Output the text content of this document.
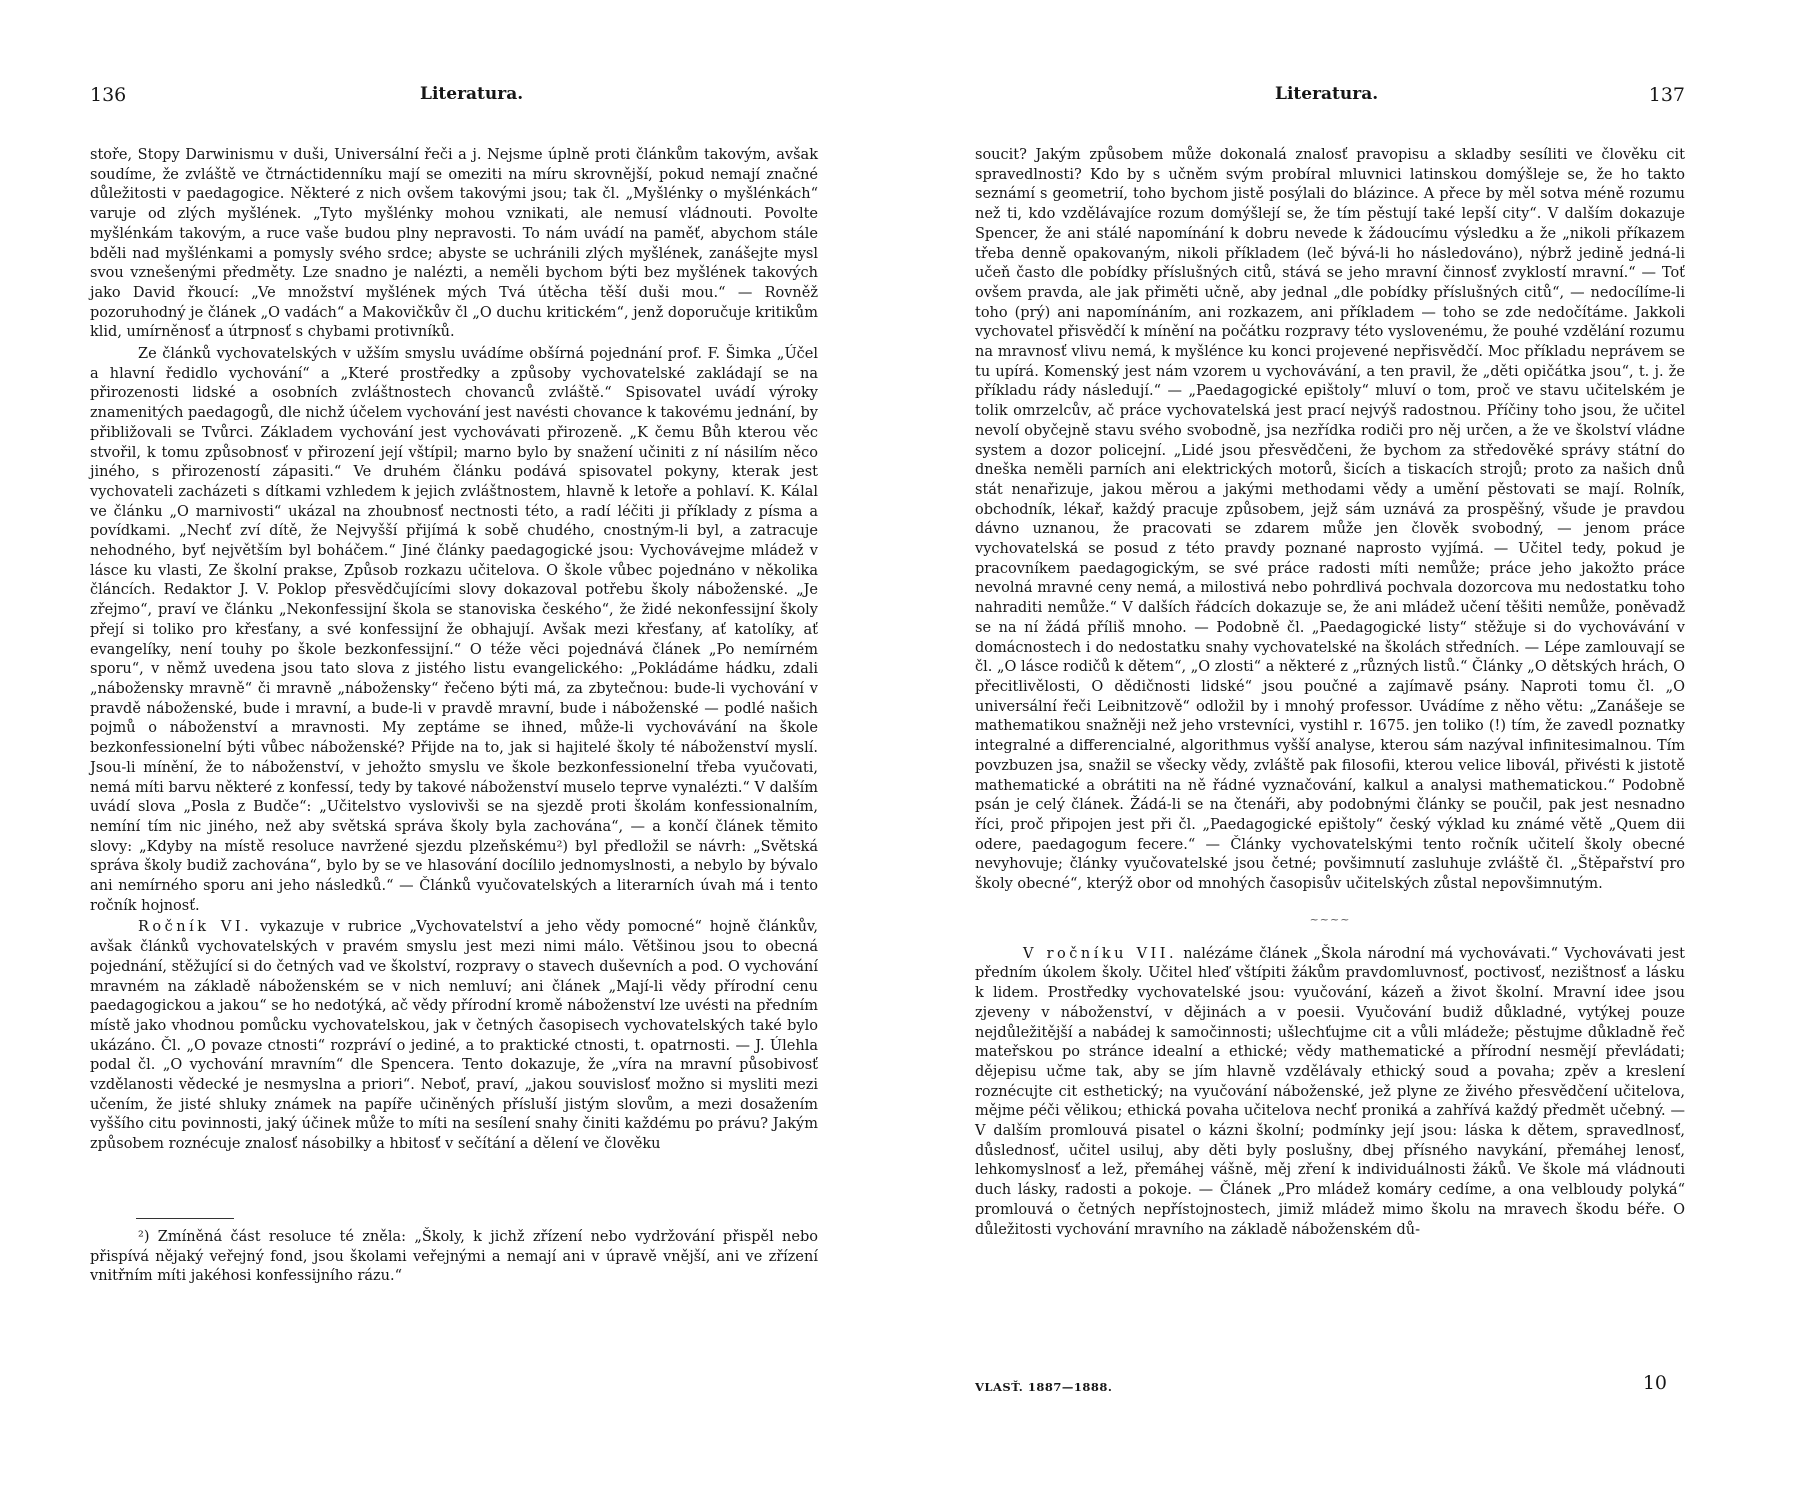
136	Literatura.

stoře, Stopy Darwinismu v duši, Universální řeči a j. Nejsme úplně proti článkům takovým, avšak soudíme, že zvláště ve čtrnáctidenníku mají se omeziti na míru skrovnější, pokud nemají značné důležitosti v paedagogice. Některé z nich ovšem takovými jsou; tak čl. „Myšlénky o myšlénkách“ varuje od zlých myšlének. „Tyto myšlénky mohou vznikati, ale nemusí vládnouti. Povolte myšlénkám takovým, a ruce vaše budou plny nepravosti. To nám uvádí na paměť, abychom stále bděli nad myšlénkami a pomysly svého srdce; abyste se uchránili zlých myšlének, zanášejte mysl svou vznešenými předměty. Lze snadno je nalézti, a neměli bychom býti bez myšlének takových jako David řkoucí: „Ve množství myšlének mých Tvá útěcha těší duši mou.“ — Rovněž pozoruhodný je článek „O vadách“ a Makovičkův čl „O duchu kritickém“, jenž doporučuje kritikům klid, umírněnosť a útrpnosť s chybami protivníků.

Ze článků vychovatelských v užším smyslu uvádíme obšírná pojednání prof. F. Šimka „Účel a hlavní ředidlo vychování“ a „Které prostředky a způsoby vychovatelské zakládají se na přirozenosti lidské a osobních zvláštnostech chovanců zvláště.“ Spisovatel uvádí výroky znamenitých paedagogů, dle nichž účelem vychování jest navésti chovance k takovému jednání, by přibližovali se Tvůrci. Základem vychování jest vychovávati přirozeně. „K čemu Bůh kterou věc stvořil, k tomu způsobnosť v přirození její vštípil; marno bylo by snažení učiniti z ní násilím něco jiného, s přirozeností zápasiti.“ Ve druhém článku podává spisovatel pokyny, kterak jest vychovateli zacházeti s dítkami vzhledem k jejich zvláštnostem, hlavně k letoře a pohlaví. K. Kálal ve článku „O marnivosti“ ukázal na zhoubnosť nectnosti této, a radí léčiti ji příklady z písma a povídkami. „Nechť zví dítě, že Nejvyšší přijímá k sobě chudého, cnostným-li byl, a zatracuje nehodného, byť největším byl boháčem.“ Jiné články paedagogické jsou: Vychovávejme mládež v lásce ku vlasti, Ze školní prakse, Způsob rozkazu učitelova. O škole vůbec pojednáno v několika článcích. Redaktor J. V. Poklop přesvědčujícími slovy dokazoval potřebu školy náboženské. „Je zřejmo“, praví ve článku „Nekonfessijní škola se stanoviska českého“, že židé nekonfessijní školy přejí si toliko pro křesťany, a své konfessijní že obhajují. Avšak mezi křesťany, ať katolíky, ať evangelíky, není touhy po škole bezkonfessijní.“ O téže věci pojednává článek „Po nemírném sporu“, v němž uvedena jsou tato slova z jistého listu evangelického: „Pokládáme hádku, zdali „nábožensky mravně“ či mravně „nábožensky“ řečeno býti má, za zbytečnou: bude-li vychování v pravdě náboženské, bude i mravní, a bude-li v pravdě mravní, bude i náboženské — podlé našich pojmů o náboženství a mravnosti. My zeptáme se ihned, může-li vychovávání na škole bezkonfessionelní býti vůbec náboženské? Přijde na to, jak si hajitelé školy té náboženství myslí. Jsou-li mínění, že to náboženství, v jehožto smyslu ve škole bezkonfessionelní třeba vyučovati, nemá míti barvu některé z konfessí, tedy by takové náboženství muselo teprve vynalézti.“ V dalším uvádí slova „Posla z Budče“: „Učitelstvo vyslovivši se na sjezdě proti školám konfessionalním, nemíní tím nic jiného, než aby světská správa školy byla zachována“, — a končí článek těmito slovy: „Kdyby na místě resoluce navržené sjezdu plzeňskému²) byl předložil se návrh: „Světská správa školy budiž zachována“, bylo by se ve hlasování docílilo jednomyslnosti, a nebylo by bývalo ani nemírného sporu ani jeho následků.“ — Článků vyučovatelských a literarních úvah má i tento ročník hojnosť.

Ročník VI. vykazuje v rubrice „Vychovatelství a jeho vědy pomocné“ hojně článkův, avšak článků vychovatelských v pravém smyslu jest mezi nimi málo. Většinou jsou to obecná pojednání, stěžující si do četných vad ve školství, rozpravy o stavech duševních a pod. O vychování mravném na základě náboženském se v nich nemluví; ani článek „Mají-li vědy přírodní cenu paedagogickou a jakou“ se ho nedotýká, ač vědy přírodní kromě náboženství lze uvésti na předním místě jako vhodnou pomůcku vychovatelskou, jak v četných časopisech vychovatelských také bylo ukázáno. Čl. „O povaze ctnosti“ rozpráví o jediné, a to praktické ctnosti, t. opatrnosti. — J. Úlehla podal čl. „O vychování mravním“ dle Spencera. Tento dokazuje, že „víra na mravní působivosť vzdělanosti vědecké je nesmyslna a priori“. Neboť, praví, „jakou souvislosť možno si mysliti mezi učením, že jisté shluky známek na papíře učiněných přísluší jistým slovům, a mezi dosažením vyššího citu povinnosti, jaký účinek může to míti na sesílení snahy činiti každému po právu? Jakým způsobem roznécuje znalosť násobilky a hbitosť v sečítání a dělení ve člověku

²) Zmíněná část resoluce té zněla: „Školy, k jichž zřízení nebo vydržování přispěl nebo přispívá nějaký veřejný fond, jsou školami veřejnými a nemají ani v úpravě vnější, ani ve zřízení vnitřním míti jakéhosi konfessijního rázu.“

Literatura.	137

soucit? Jakým způsobem může dokonalá znalosť pravopisu a skladby sesíliti ve člověku cit spravedlnosti? Kdo by s učněm svým probíral mluvnici latinskou domýšleje se, že ho takto seznámí s geometrií, toho bychom jistě posýlali do blázince. A přece by měl sotva méně rozumu než ti, kdo vzdělávajíce rozum domýšlejí se, že tím pěstují také lepší city“. V dalším dokazuje Spencer, že ani stálé napomínání k dobru nevede k žádoucímu výsledku a že „nikoli příkazem třeba denně opakovaným, nikoli příkladem (leč bývá-li ho následováno), nýbrž jedině jedná-li učeň často dle pobídky příslušných citů, stává se jeho mravní činnosť zvyklostí mravní.“ — Toť ovšem pravda, ale jak přiměti učně, aby jednal „dle pobídky příslušných citů“, — nedocílíme-li toho (prý) ani napomínáním, ani rozkazem, ani příkladem — toho se zde nedočítáme. Jakkoli vychovatel přisvědčí k mínění na počátku rozpravy této vyslovenému, že pouhé vzdělání rozumu na mravnosť vlivu nemá, k myšlénce ku konci projevené nepřisvědčí. Moc příkladu neprávem se tu upírá. Komenský jest nám vzorem u vychovávání, a ten pravil, že „děti opičátka jsou“, t. j. že příkladu rády následují.“ — „Paedagogické epištoly“ mluví o tom, proč ve stavu učitelském je tolik omrzelcův, ač práce vychovatelská jest prací nejvýš radostnou. Příčiny toho jsou, že učitel nevolí obyčejně stavu svého svobodně, jsa nezřídka rodiči pro něj určen, a že ve školství vládne system a dozor policejní. „Lidé jsou přesvědčeni, že bychom za středověké správy státní do dneška neměli parních ani elektrických motorů, šicích a tiskacích strojů; proto za našich dnů stát nenařizuje, jakou měrou a jakými methodami vědy a umění pěstovati se mají. Rolník, obchodník, lékař, každý pracuje způsobem, jejž sám uznává za prospěšný, všude je pravdou dávno uznanou, že pracovati se zdarem může jen člověk svobodný, — jenom práce vychovatelská se posud z této pravdy poznané naprosto vyjímá. — Učitel tedy, pokud je pracovníkem paedagogickým, se své práce radosti míti nemůže; práce jeho jakožto práce nevolná mravné ceny nemá, a milostivá nebo pohrdlivá pochvala dozorcova mu nedostatku toho nahraditi nemůže.“ V dalších řádcích dokazuje se, že ani mládež učení těšiti nemůže, poněvadž se na ní žádá příliš mnoho. — Podobně čl. „Paedagogické listy“ stěžuje si do vychovávání v domácnostech i do nedostatku snahy vychovatelské na školách středních. — Lépe zamlouvají se čl. „O lásce rodičů k dětem“, „O zlosti“ a některé z „různých listů.“ Články „O dětských hrách, O přecitlivělosti, O dědičnosti lidské“ jsou poučné a zajímavě psány. Naproti tomu čl. „O universální řeči Leibnitzově“ odložil by i mnohý professor. Uvádíme z něho větu: „Zanášeje se mathematikou snažněji než jeho vrstevníci, vystihl r. 1675. jen toliko (!) tím, že zavedl poznatky integralné a differencialné, algorithmus vyšší analyse, kterou sám nazýval infinitesimalnou. Tím povzbuzen jsa, snažil se všecky vědy, zvláště pak filosofii, kterou velice libovál, přivésti k jistotě mathematické a obrátiti na ně řádné vyznačování, kalkul a analysi mathematickou.“ Podobně psán je celý článek. Žádá-li se na čtenáři, aby podobnými články se poučil, pak jest nesnadno říci, proč připojen jest při čl. „Paedagogické epištoly“ český výklad ku známé větě „Quem dii odere, paedagogum fecere.“ — Články vychovatelskými tento ročník učitelí školy obecné nevyhovuje; články vyučovatelské jsou četné; povšimnutí zasluhuje zvláště čl. „Štěpařství pro školy obecné“, kterýž obor od mnohých časopisův učitelských zůstal nepovšimnutým.

~~~~

V ročníku VII. nalézáme článek „Škola národní má vychovávati.“ Vychovávati jest předním úkolem školy. Učitel hleď vštípiti žákům pravdomluvnosť, poctivosť, nezištnosť a lásku k lidem. Prostředky vychovatelské jsou: vyučování, kázeň a život školní. Mravní idee jsou zjeveny v náboženství, v dějinách a v poesii. Vyučování budiž důkladné, vytýkej pouze nejdůležitější a nabádej k samočinnosti; ušlechťujme cit a vůli mládeže; pěstujme důkladně řeč mateřskou po stránce idealní a ethické; vědy mathematické a přírodní nesmějí převládati; dějepisu učme tak, aby se jím hlavně vzdělávaly ethický soud a povaha; zpěv a kreslení roznécujte cit esthetický; na vyučování náboženské, jež plyne ze živého přesvědčení učitelova, mějme péči vělikou; ethická povaha učitelova nechť proniká a zahřívá každý předmět učebný. — V dalším promlouvá pisatel o kázni školní; podmínky její jsou: láska k dětem, spravedlnosť, důslednosť, učitel usiluj, aby děti byly poslušny, dbej přísného navykání, přemáhej lenosť, lehkomyslnosť a lež, přemáhej vášně, měj zření k individuálnosti žáků. Ve škole má vládnouti duch lásky, radosti a pokoje. — Článek „Pro mládež komáry cedíme, a ona velbloudy polyká“ promlouvá o četných nepřístojnostech, jimiž mládež mimo školu na mravech škodu béře. O důležitosti vychování mravního na základě náboženském dů-

VLASŤ. 1887—1888.	10
